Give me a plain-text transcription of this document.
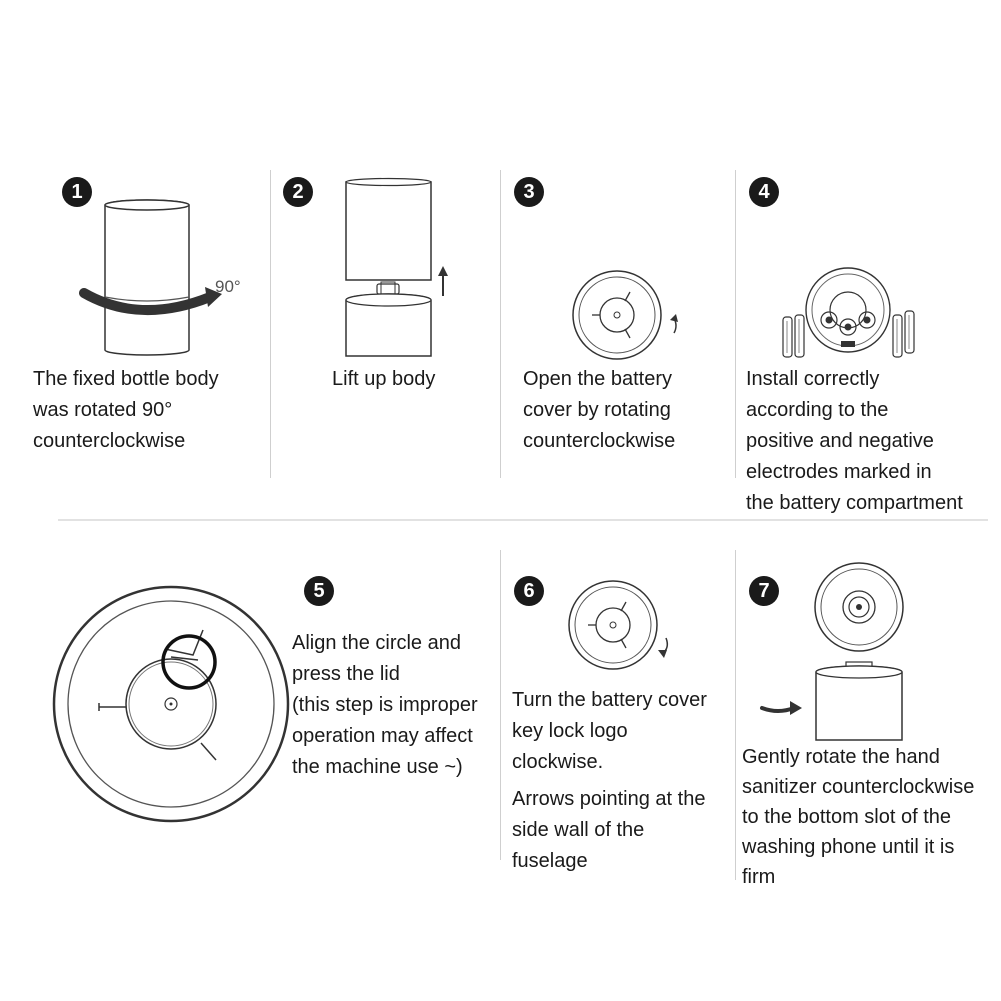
1
90°
The fixed bottle body
was rotated 90°
counterclockwise
2
Lift up body
3
Open the battery
cover by rotating
counterclockwise
4
Install correctly
according to the
positive and negative
electrodes marked in
the battery compartment
5
Align the circle and
press the lid
(this step is improper
operation may affect
the machine use ~)
6
Turn the battery cover
key lock logo
clockwise.
Arrows pointing at the
side wall of the
fuselage
7
Gently rotate the hand
sanitizer counterclockwise
to the bottom slot of the
washing phone until it is
firm
